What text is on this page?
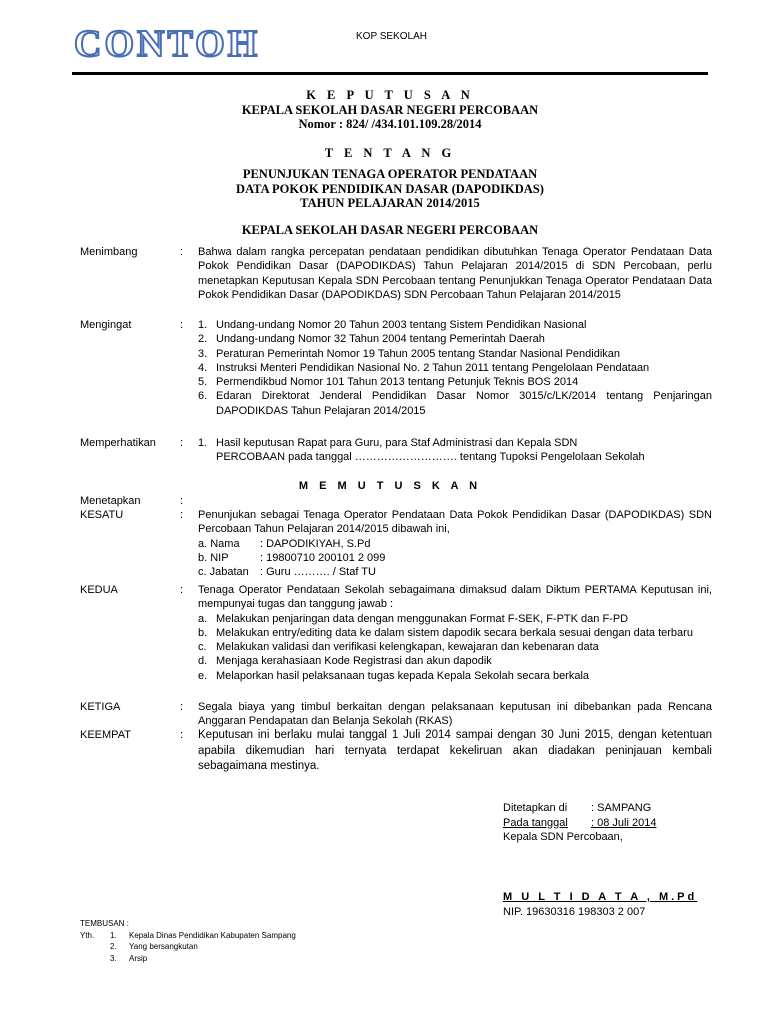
CONTOH	KOP SEKOLAH
K E P U T U S A N
KEPALA SEKOLAH DASAR NEGERI PERCOBAAN
Nomor : 824/ /434.101.109.28/2014
T E N T A N G
PENUNJUKAN TENAGA OPERATOR PENDATAAN
DATA POKOK PENDIDIKAN DASAR (DAPODIKDAS)
TAHUN PELAJARAN 2014/2015
KEPALA SEKOLAH DASAR NEGERI PERCOBAAN
Menimbang	: Bahwa dalam rangka percepatan pendataan pendidikan dibutuhkan Tenaga Operator Pendataan Data Pokok Pendidikan Dasar (DAPODIKDAS) Tahun Pelajaran 2014/2015 di SDN Percobaan, perlu menetapkan Keputusan Kepala SDN Percobaan tentang Penunjukkan Tenaga Operator Pendataan Data Pokok Pendidikan Dasar (DAPODIKDAS) SDN Percobaan Tahun Pelajaran 2014/2015
Mengingat	: 1. Undang-undang Nomor 20 Tahun 2003 tentang Sistem Pendidikan Nasional
2. Undang-undang Nomor 32 Tahun 2004 tentang Pemerintah Daerah
3. Peraturan Pemerintah Nomor 19 Tahun 2005 tentang Standar Nasional Pendidikan
4. Instruksi Menteri Pendidikan Nasional No. 2 Tahun 2011 tentang Pengelolaan Pendataan
5. Permendikbud Nomor 101 Tahun 2013 tentang Petunjuk Teknis BOS 2014
6. Edaran Direktorat Jenderal Pendidikan Dasar Nomor 3015/c/LK/2014 tentang Penjaringan DAPODIKDAS Tahun Pelajaran 2014/2015
Memperhatikan : 1. Hasil keputusan Rapat para Guru, para Staf Administrasi dan Kepala SDN
PERCOBAAN pada tanggal ………………………. tentang Tupoksi Pengelolaan Sekolah
M E M U T U S K A N
Menetapkan	:

KESATU	: Penunjukan sebagai Tenaga Operator Pendataan Data Pokok Pendidikan Dasar (DAPODIKDAS) SDN Percobaan Tahun Pelajaran 2014/2015 dibawah ini,
a. Nama	: DAPODIKIYAH, S.Pd
b. NIP	: 19800710 200101 2 099
c. Jabatan	: Guru ………. / Staf TU
KEDUA	: Tenaga Operator Pendataan Sekolah sebagaimana dimaksud dalam Diktum PERTAMA Keputusan ini, mempunyai tugas dan tanggung jawab :
a. Melakukan penjaringan data dengan menggunakan Format F-SEK, F-PTK dan F-PD
b. Melakukan entry/editing data ke dalam sistem dapodik secara berkala sesuai dengan data terbaru
c. Melakukan validasi dan verifikasi kelengkapan, kewajaran dan kebenaran data
d. Menjaga kerahasiaan Kode Registrasi dan akun dapodik
e. Melaporkan hasil pelaksanaan tugas kepada Kepala Sekolah secara berkala
KETIGA	: Segala biaya yang timbul berkaitan dengan pelaksanaan keputusan ini dibebankan pada Rencana Anggaran Pendapatan dan Belanja Sekolah (RKAS)
KEEMPAT	: Keputusan ini berlaku mulai tanggal 1 Juli 2014 sampai dengan 30 Juni 2015, dengan ketentuan apabila dikemudian hari ternyata terdapat kekeliruan akan diadakan peninjauan kembali sebagaimana mestinya.
Ditetapkan di	: SAMPANG
Pada tanggal	: 08 Juli 2014
Kepala SDN Percobaan,
M U L T I D A T A , M.Pd
NIP. 19630316 198303 2 007
TEMBUSAN :
Yth.	1.	Kepala Dinas Pendidikan Kabupaten Sampang
2.	Yang bersangkutan
3.	Arsip
